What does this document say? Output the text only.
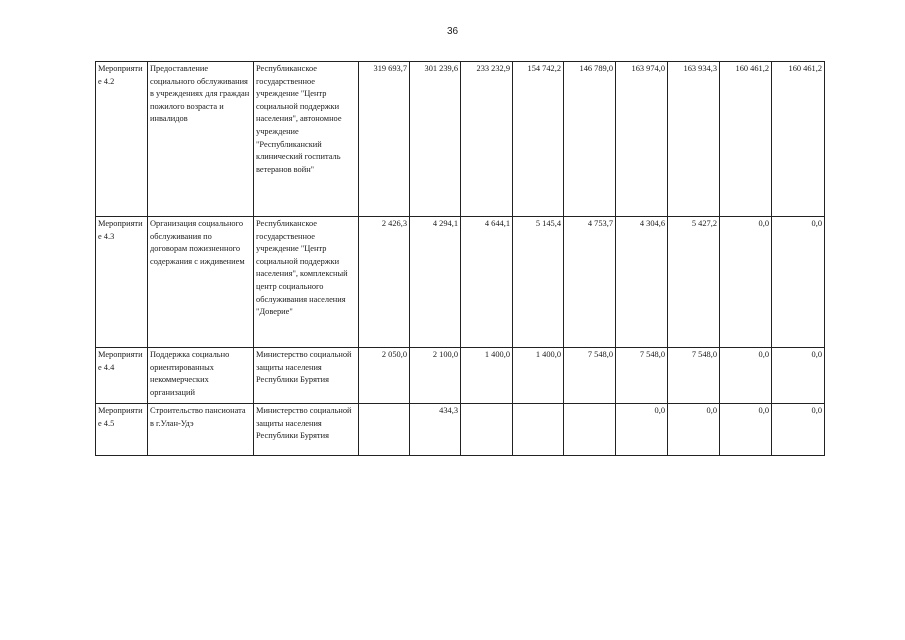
36
Мероприятие 4.2	Предоставление социального обслуживания в учреждениях для граждан пожилого возраста и инвалидов	Республиканское государственное учреждение "Центр социальной поддержки населения", автономное учреждение "Республиканский клинический госпиталь ветеранов войн"	319 693,7	301 239,6	233 232,9	154 742,2	146 789,0	163 974,0	163 934,3	160 461,2	160 461,2
Мероприятие 4.3	Организация социального обслуживания по договорам пожизненного содержания с иждивением	Республиканское государственное учреждение "Центр социальной поддержки населения", комплексный центр социального обслуживания населения "Доверие"	2 426,3	4 294,1	4 644,1	5 145,4	4 753,7	4 304,6	5 427,2	0,0	0,0
Мероприятие 4.4	Поддержка социально ориентированных некоммерческих организаций	Министерство социальной защиты населения Республики Бурятия	2 050,0	2 100,0	1 400,0	1 400,0	7 548,0	7 548,0	7 548,0	0,0	0,0
Мероприятие 4.5	Строительство пансионата в г.Улан-Удэ	Министерство социальной защиты населения Республики Бурятия		434,3				0,0	0,0	0,0	0,0
